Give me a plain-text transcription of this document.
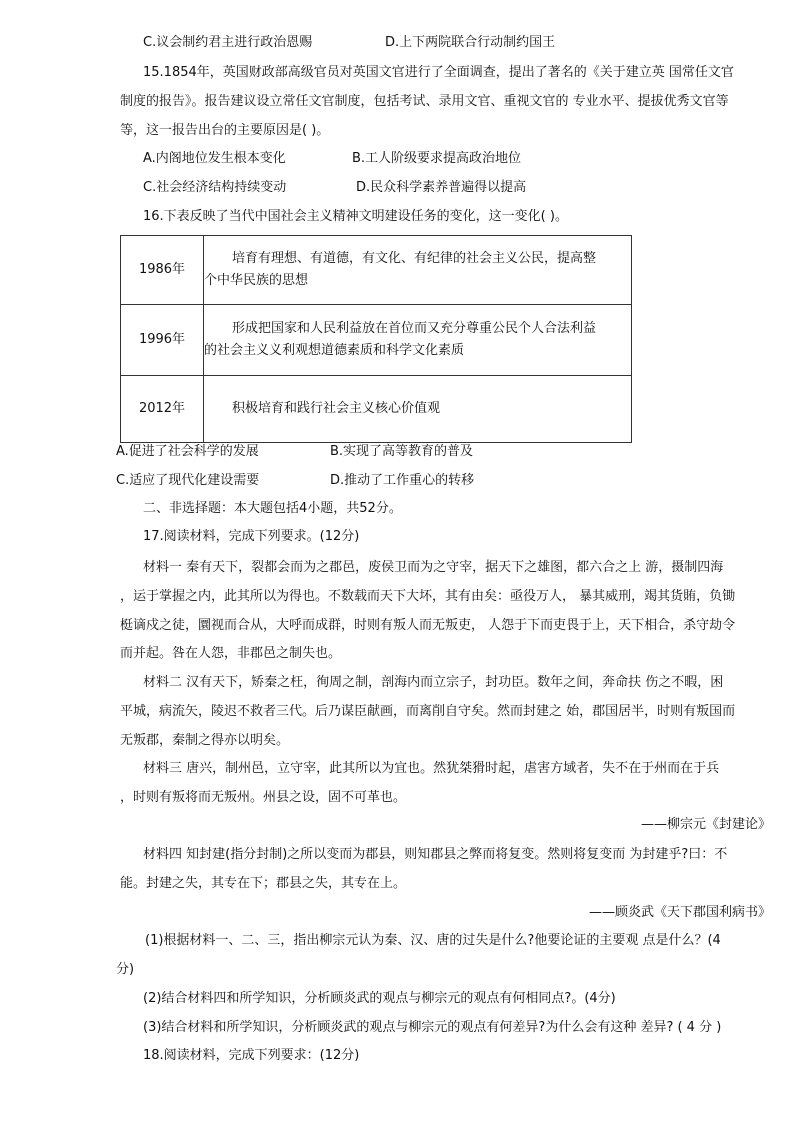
C.议会制约君主进行政治恩赐	D.上下两院联合行动制约国王
15.1854年，英国财政部高级官员对英国文官进行了全面调查，提出了著名的《关于建立英 国常任文官
制度的报告》。报告建议设立常任文官制度，包括考试、录用文官、重视文官的 专业水平、提拔优秀文官等
等，这一报告出台的主要原因是( )。
A.内阁地位发生根本变化	B.工人阶级要求提高政治地位
C.社会经济结构持续变动	D.民众科学素养普遍得以提高
16.下表反映了当代中国社会主义精神文明建设任务的变化，这一变化( )。
1986年	培育有理想、有道德，有文化、有纪律的社会主义公民，提高整
个中华民族的思想

1996年	形成把国家和人民利益放在首位而又充分尊重公民个人合法利益
的社会主义义利观想道德素质和科学文化素质

2012年	积极培育和践行社会主义核心价值观
A.促进了社会科学的发展	B.实现了高等教育的普及
C.适应了现代化建设需要	D.推动了工作重心的转移
二、非选择题：本大题包括4小题，共52分。
17.阅读材料，完成下列要求。(12分)
材料一 秦有天下，裂都会而为之郡邑，废侯卫而为之守宰，据天下之雄图，都六合之上 游，摄制四海
，运于掌握之内，此其所以为得也。不数载而天下大坏，其有由矣：亟役万人， 暴其威刑，竭其货賄，负锄
梃谪戍之徒，圜视而合从，大呼而成群，时则有叛人而无叛吏， 人怨于下而吏畏于上，天下相合，杀守劫令
而并起。咎在人怨，非郡邑之制失也。
材料二 汉有天下，矫秦之枉，徇周之制，剖海内而立宗子，封功臣。数年之间，奔命扶 伤之不暇，困
平城，病流矢，陵迟不救者三代。后乃谋臣献画，而离削自守矣。然而封建之 始，郡国居半，时则有叛国而
无叛郡，秦制之得亦以明矣。
材料三 唐兴，制州邑，立守宰，此其所以为宜也。然犹桀猾时起，虐害方域者，失不在于州而在于兵
，时则有叛将而无叛州。州县之设，固不可革也。
——柳宗元《封建论》
材料四 知封建(指分封制)之所以变而为郡县，则知郡县之弊而将复变。然则将复变而 为封建乎?曰：不
能。封建之失，其专在下；郡县之失，其专在上。
——顾炎武《天下郡国利病书》
(1)根据材料一、二、三，指出柳宗元认为秦、汉、唐的过失是什么?他要论证的主要观 点是什么？(4
分)
(2)结合材料四和所学知识，分析顾炎武的观点与柳宗元的观点有何相同点?。(4分)
(3)结合材料和所学知识，分析顾炎武的观点与柳宗元的观点有何差异?为什么会有这种 差异? ( 4 分 )
18.阅读材料，完成下列要求：(12分)
